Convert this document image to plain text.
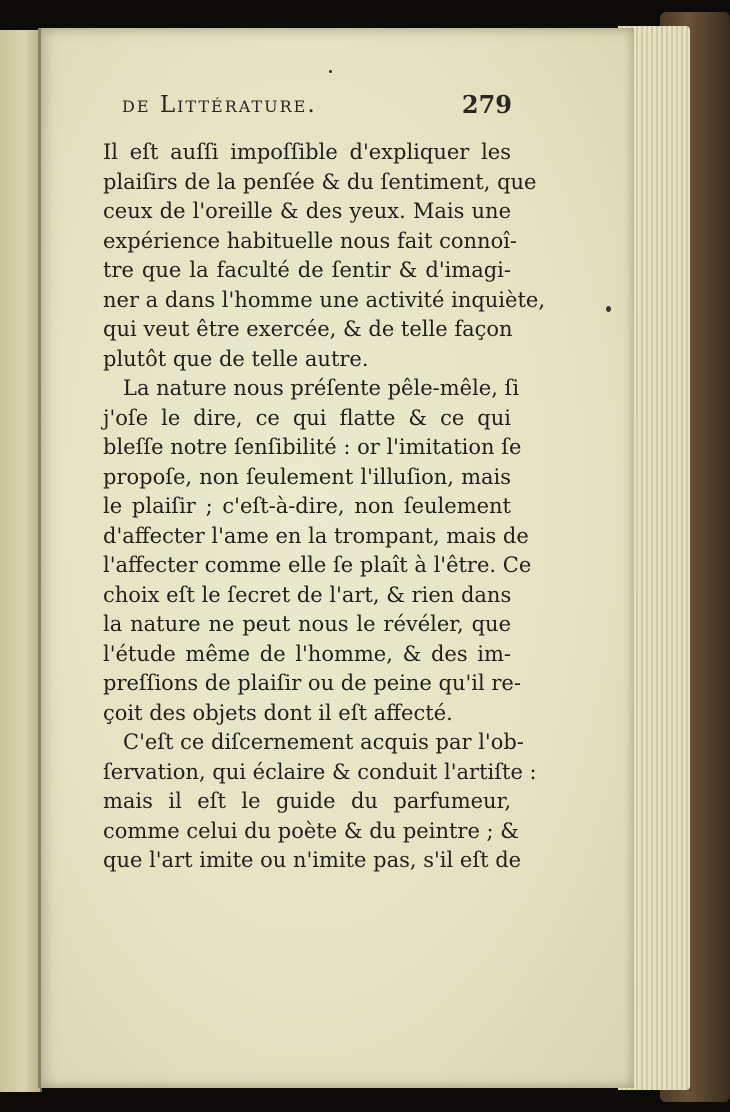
de Littérature.	279
Il eſt auſſi impoſſible d'expliquer les
plaiſirs de la penſée & du ſentiment, que
ceux de l'oreille & des yeux. Mais une
expérience habituelle nous fait connoî-
tre que la faculté de ſentir & d'imagi-
ner a dans l'homme une activité inquiète,
qui veut être exercée, & de telle façon
plutôt que de telle autre.
La nature nous préſente pêle-mêle, ſi
j'oſe le dire, ce qui flatte & ce qui
bleſſe notre ſenſibilité : or l'imitation ſe
propoſe, non ſeulement l'illuſion, mais
le plaiſir ; c'eſt-à-dire, non ſeulement
d'affecter l'ame en la trompant, mais de
l'affecter comme elle ſe plaît à l'être. Ce
choix eſt le ſecret de l'art, & rien dans
la nature ne peut nous le révéler, que
l'étude même de l'homme, & des im-
preſſions de plaiſir ou de peine qu'il re-
çoit des objets dont il eſt affecté.
C'eſt ce diſcernement acquis par l'ob-
ſervation, qui éclaire & conduit l'artiſte :
mais il eſt le guide du parfumeur,
comme celui du poète & du peintre ; &
que l'art imite ou n'imite pas, s'il eſt de
